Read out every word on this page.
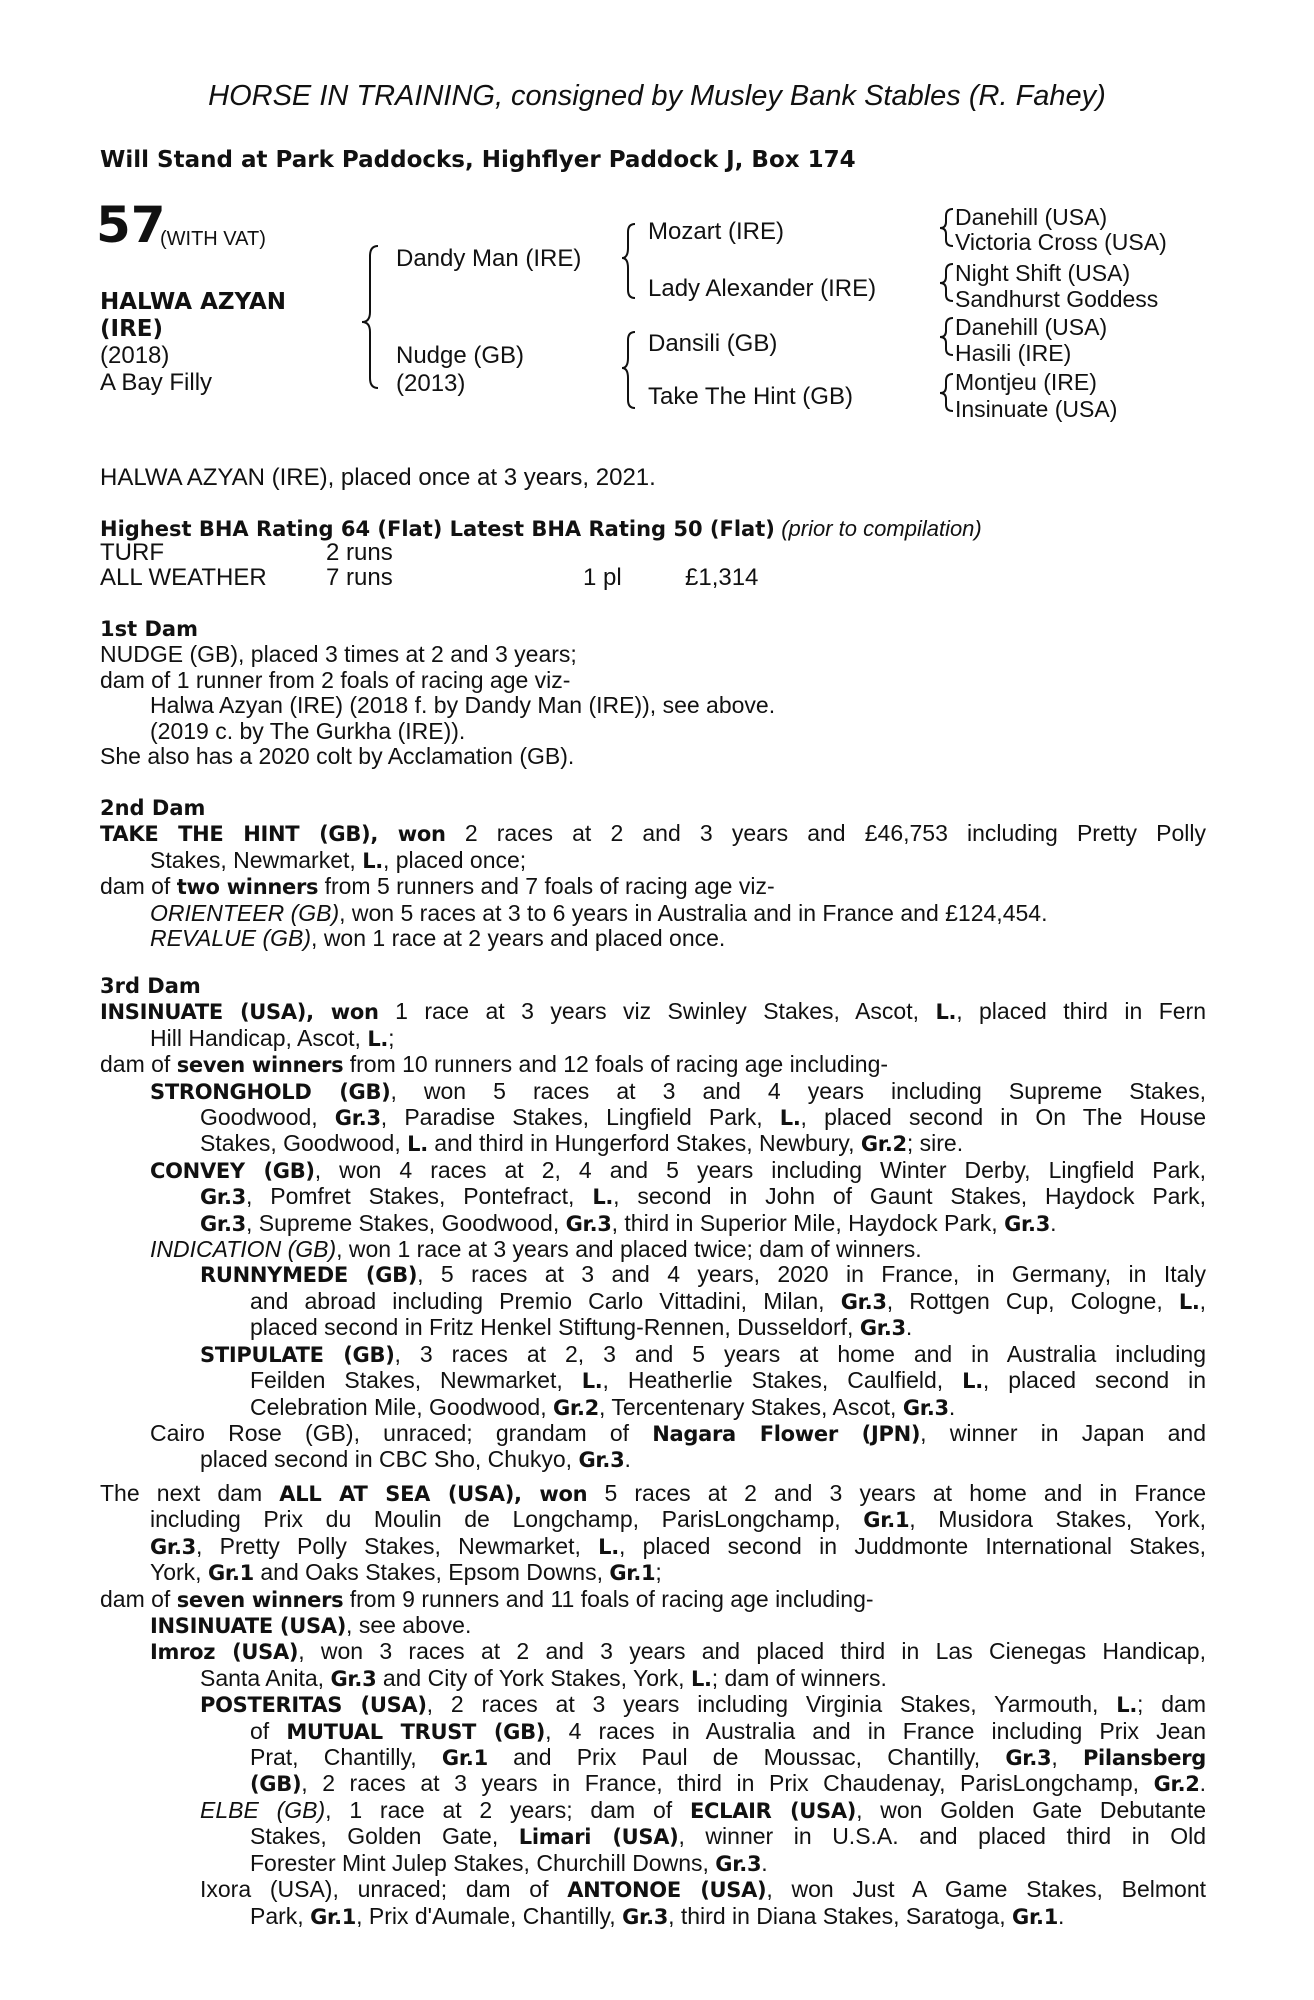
HORSE IN TRAINING, consigned by Musley Bank Stables (R. Fahey)
Will Stand at Park Paddocks, Highflyer Paddock J, Box 174
57
(WITH VAT)
HALWA AZYAN
(IRE)
(2018)
A Bay Filly
Dandy Man (IRE)
Nudge (GB)
(2013)
Mozart (IRE)
Lady Alexander (IRE)
Dansili (GB)
Take The Hint (GB)
Danehill (USA)
Victoria Cross (USA)
Night Shift (USA)
Sandhurst Goddess
Danehill (USA)
Hasili (IRE)
Montjeu (IRE)
Insinuate (USA)
HALWA AZYAN (IRE), placed once at 3 years, 2021.
Highest BHA Rating 64 (Flat) Latest BHA Rating 50 (Flat) (prior to compilation)
TURF	2 runs
ALL WEATHER 7 runs	1 pl	£1,314
1st Dam
NUDGE (GB), placed 3 times at 2 and 3 years;
dam of 1 runner from 2 foals of racing age viz-
Halwa Azyan (IRE) (2018 f. by Dandy Man (IRE)), see above.
(2019 c. by The Gurkha (IRE)).
She also has a 2020 colt by Acclamation (GB).
2nd Dam
TAKE THE HINT (GB), won 2 races at 2 and 3 years and £46,753 including Pretty Polly
Stakes, Newmarket, L., placed once;
dam of two winners from 5 runners and 7 foals of racing age viz-
ORIENTEER (GB), won 5 races at 3 to 6 years in Australia and in France and £124,454.
REVALUE (GB), won 1 race at 2 years and placed once.
3rd Dam
INSINUATE (USA), won 1 race at 3 years viz Swinley Stakes, Ascot, L., placed third in Fern
Hill Handicap, Ascot, L.;
dam of seven winners from 10 runners and 12 foals of racing age including-
STRONGHOLD (GB), won 5 races at 3 and 4 years including Supreme Stakes,
Goodwood, Gr.3, Paradise Stakes, Lingfield Park, L., placed second in On The House
Stakes, Goodwood, L. and third in Hungerford Stakes, Newbury, Gr.2; sire.
CONVEY (GB), won 4 races at 2, 4 and 5 years including Winter Derby, Lingfield Park,
Gr.3, Pomfret Stakes, Pontefract, L., second in John of Gaunt Stakes, Haydock Park,
Gr.3, Supreme Stakes, Goodwood, Gr.3, third in Superior Mile, Haydock Park, Gr.3.
INDICATION (GB), won 1 race at 3 years and placed twice; dam of winners.
RUNNYMEDE (GB), 5 races at 3 and 4 years, 2020 in France, in Germany, in Italy
and abroad including Premio Carlo Vittadini, Milan, Gr.3, Rottgen Cup, Cologne, L.,
placed second in Fritz Henkel Stiftung-Rennen, Dusseldorf, Gr.3.
STIPULATE (GB), 3 races at 2, 3 and 5 years at home and in Australia including
Feilden Stakes, Newmarket, L., Heatherlie Stakes, Caulfield, L., placed second in
Celebration Mile, Goodwood, Gr.2, Tercentenary Stakes, Ascot, Gr.3.
Cairo Rose (GB), unraced; grandam of Nagara Flower (JPN), winner in Japan and
placed second in CBC Sho, Chukyo, Gr.3.
The next dam ALL AT SEA (USA), won 5 races at 2 and 3 years at home and in France
including Prix du Moulin de Longchamp, ParisLongchamp, Gr.1, Musidora Stakes, York,
Gr.3, Pretty Polly Stakes, Newmarket, L., placed second in Juddmonte International Stakes,
York, Gr.1 and Oaks Stakes, Epsom Downs, Gr.1;
dam of seven winners from 9 runners and 11 foals of racing age including-
INSINUATE (USA), see above.
Imroz (USA), won 3 races at 2 and 3 years and placed third in Las Cienegas Handicap,
Santa Anita, Gr.3 and City of York Stakes, York, L.; dam of winners.
POSTERITAS (USA), 2 races at 3 years including Virginia Stakes, Yarmouth, L.; dam
of MUTUAL TRUST (GB), 4 races in Australia and in France including Prix Jean
Prat, Chantilly, Gr.1 and Prix Paul de Moussac, Chantilly, Gr.3, Pilansberg
(GB), 2 races at 3 years in France, third in Prix Chaudenay, ParisLongchamp, Gr.2.
ELBE (GB), 1 race at 2 years; dam of ECLAIR (USA), won Golden Gate Debutante
Stakes, Golden Gate, Limari (USA), winner in U.S.A. and placed third in Old
Forester Mint Julep Stakes, Churchill Downs, Gr.3.
Ixora (USA), unraced; dam of ANTONOE (USA), won Just A Game Stakes, Belmont
Park, Gr.1, Prix d'Aumale, Chantilly, Gr.3, third in Diana Stakes, Saratoga, Gr.1.
